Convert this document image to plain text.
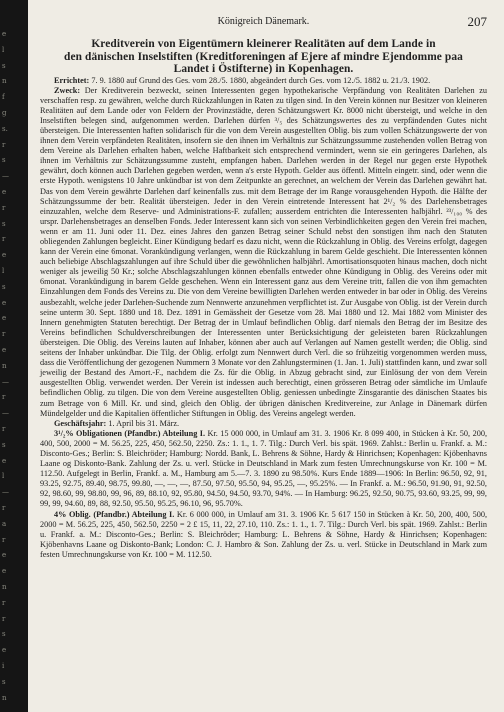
e
l
s
n
f
g
s.
r
s
—
e
r
s
r
e
l
s
e
e
r
e
n
—
r
—
r
s
e
l
—
r
a
r
e
e
n
r
r
s
e
i
s
n
Königreich Dänemark.	207
Kreditverein von Eigentümern kleinerer Realitäten auf dem Lande in
den dänischen Inselstiften (Kreditforeningen af Ejere af mindre Ejendomme paa
Landet i Östifterne) in Kopenhagen.

Errichtet: 7. 9. 1880 auf Grund des Ges. vom 28./5. 1880, abgeändert durch Ges. vom 12./5. 1882 u. 21./3. 1902.

Zweck: Der Kreditverein bezweckt, seinen Interessenten gegen hypothekarische Verpfändung von Realitäten Darlehen zu verschaffen resp. zu gewähren, welche durch Rückzahlungen in Raten zu tilgen sind. In den Verein können nur Besitzer von kleineren Realitäten auf dem Lande oder von Feldern der Provinzstädte, deren Schätzungswert Kr. 8000 nicht übersteigt, und welche in den Inselstiften belegen sind, aufgenommen werden. Darlehen dürfen ³/₅ des Schätzungswertes des zu verpfändenden Gutes nicht übersteigen. Die Interessenten haften solidarisch für die von dem Verein ausgestellten Oblig. bis zum vollen Schätzungswerte der von ihnen dem Verein verpfändeten Realitäten, insofern sie den ihnen im Verhältnis zur Schätzungssumme zustehenden vollen Betrag von dem Vereine als Darlehen erhalten haben, welche Haftbarkeit sich entsprechend vermindert, wenn sie ein geringeres Darlehen, als ihnen im Verhältnis zur Schätzungssumme zusteht, empfangen haben. Darlehen werden in der Regel nur gegen erste Hypothek gewährt, doch können auch Darlehen gegeben werden, wenn a's erste Hypoth. Gelder aus öffentl. Mitteln eingetr. sind, oder wenn die erste Hypoth. wenigstens 10 Jahre unkündbar ist von dem Zeitpunkte an gerechnet, an welchem der Verein das Darlehen gewährt hat. Das von dem Verein gewährte Darlehen darf keinenfalls zus. mit dem Betrage der im Range vorausgehenden Hypoth. die Hälfte der Schätzungssumme der betr. Realität übersteigen. Jeder in den Verein eintretende Interessent hat 2¹/₂ % des Darlehensbetrages einzuzahlen, welche dem Reserve- und Administrations-F. zufallen; ausserdem entrichten die Interessenten halbjährl. ²³/₁₀₀ % des urspr. Darlehensbetrages an denselben Fonds. Jeder Interessent kann sich von seinen Verbindlichkeiten gegen den Verein frei machen, wenn er am 11. Juni oder 11. Dez. eines Jahres den ganzen Betrag seiner Schuld nebst den sonstigen ihm nach den Statuten obliegenden Zahlungen begleicht. Einer Kündigung bedarf es dazu nicht, wenn die Rückzahlung in Oblig. des Vereins erfolgt, dagegen kann der Verein eine 6monat. Vorankündigung verlangen, wenn die Rückzahlung in barem Gelde geschieht. Die Interessenten können auch beliebige Abschlagszahlungen auf ihre Schuld über die gewöhnlichen halbjährl. Amortisationsquoten hinaus machen, doch nicht weniger als jeweilig 50 Kr.; solche Abschlagszahlungen können ebenfalls entweder ohne Kündigung in Oblig. des Vereins oder mit 6monat. Vorankündigung in barem Gelde geschehen. Wenn ein Interessent ganz aus dem Vereine tritt, fallen die von ihm gemachten Einzahlungen dem Fonds des Vereins zu. Die von dem Vereine bewilligten Darlehen werden entweder in bar oder in Oblig. des Vereins ausbezahlt, welche jeder Darlehen-Suchende zum Nennwerte anzunehmen verpflichtet ist. Zur Ausgabe von Oblig. ist der Verein durch seine unterm 30. Sept. 1880 und 18. Dez. 1891 in Gemässheit der Gesetze vom 28. Mai 1880 und 12. Mai 1882 vom Minister des Innern genehmigten Statuten berechtigt. Der Betrag der in Umlauf befindlichen Oblig. darf niemals den Betrag der im Besitze des Vereins befindlichen Schuldverschreibungen der Interessenten unter Berücksichtigung der geleisteten baren Rückzahlungen übersteigen. Die Oblig. des Vereins lauten auf Inhaber, können aber auch auf Verlangen auf Namen gestellt werden; die Oblig. sind seitens der Inhaber unkündbar. Die Tilg. der Oblig. erfolgt zum Nennwert durch Verl. die so frühzeitig vorgenommen werden muss, dass die Veröffentlichung der gezogenen Nummern 3 Monate vor den Zahlungsterminen (1. Jan. 1. Juli) stattfinden kann, und zwar soll jeweilig der Bestand des Amort.-F., nachdem die Zs. für die Oblig. in Abzug gebracht sind, zur Einlösung der von dem Verein ausgestellten Oblig. verwendet werden. Der Verein ist indessen auch berechtigt, einen grösseren Betrag oder sämtliche im Umlaufe befindlichen Oblig. zu tilgen. Die von dem Vereine ausgestellten Oblig. geniessen unbedingte Zinsgarantie des dänischen Staates bis zum Betrage von 6 Mill. Kr. und sind, gleich den Oblig. der übrigen dänischen Kreditvereine, zur Anlage in Dänemark dürfen Mündelgelder und die Kapitalien öffentlicher Stiftungen in Oblig. des Vereins angelegt werden.

Geschäftsjahr: 1. April bis 31. März.

3¹/₂% Obligationen (Pfandbr.) Abteilung I. Kr. 15 000 000, in Umlauf am 31. 3. 1906 Kr. 8 099 400, in Stücken à Kr. 50, 200, 400, 500, 2000 = M. 56.25, 225, 450, 562.50, 2250. Zs.: 1. 1., 1. 7. Tilg.: Durch Verl. bis spät. 1969. Zahlst.: Berlin u. Frankf. a. M.: Disconto-Ges.; Berlin: S. Bleichröder; Hamburg: Nordd. Bank, L. Behrens & Söhne, Hardy & Hinrichsen; Kopenhagen: Kjöbenhavns Laane og Diskonto-Bank. Zahlung der Zs. u. verl. Stücke in Deutschland in Mark zum festen Umrechnungskurse von Kr. 100 = M. 112.50. Aufgelegt in Berlin, Frankf. a. M., Hamburg am 5.—7. 3. 1890 zu 98.50%. Kurs Ende 1889—1906: In Berlin: 96.50, 92, 91, 93.25, 92.75, 89.40, 98.75, 99.80, —, —, —, 87.50, 97.50, 95.50, 94, 95.25, —, 95.25%. — In Frankf. a. M.: 96.50, 91.90, 91, 92.50, 92, 98.60, 99, 98.80, 99, 96, 89, 88.10, 92, 95.80, 94.50, 94.50, 93.70, 94%. — In Hamburg: 96.25, 92.50, 90.75, 93.60, 93.25, 99, 99, 99, 99, 94.60, 89, 88, 92.50, 95.50, 95.25, 96.10, 96, 95.70%.

4% Oblig. (Pfandbr.) Abteilung I. Kr. 6 000 000, in Umlauf am 31. 3. 1906 Kr. 5 617 150 in Stücken à Kr. 50, 200, 400, 500, 2000 = M. 56.25, 225, 450, 562.50, 2250 = 2 £ 15, 11, 22, 27.10, 110. Zs.: 1. 1., 1. 7. Tilg.: Durch Verl. bis spät. 1969. Zahlst.: Berlin u. Frankf. a. M.: Disconto-Ges.; Berlin: S. Bleichröder; Hamburg: L. Behrens & Söhne, Hardy & Hinrichsen; Kopenhagen: Kjöbenhavns Laane og Diskonto-Bank; London: C. J. Hambro & Son. Zahlung der Zs. u. verl. Stücke in Deutschland in Mark zum festen Umrechnungskurse von Kr. 100 = M. 112.50.
